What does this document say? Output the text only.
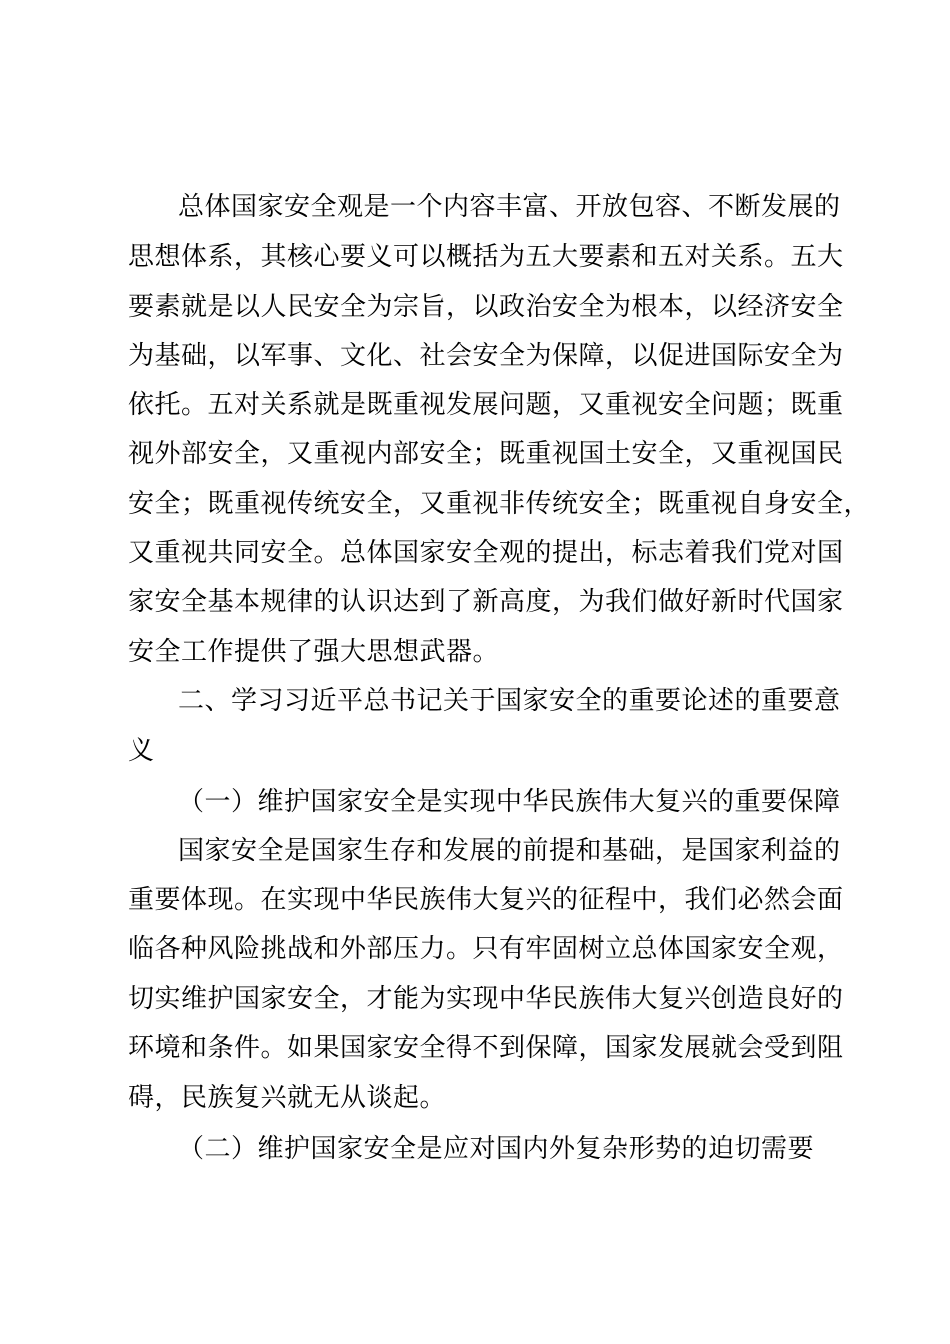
总体国家安全观是一个内容丰富、开放包容、不断发展的
思想体系，其核心要义可以概括为五大要素和五对关系。五大
要素就是以人民安全为宗旨，以政治安全为根本，以经济安全
为基础，以军事、文化、社会安全为保障，以促进国际安全为
依托。五对关系就是既重视发展问题，又重视安全问题；既重
视外部安全，又重视内部安全；既重视国土安全，又重视国民
安全；既重视传统安全，又重视非传统安全；既重视自身安全，
又重视共同安全。总体国家安全观的提出，标志着我们党对国
家安全基本规律的认识达到了新高度，为我们做好新时代国家
安全工作提供了强大思想武器。
二、学习习近平总书记关于国家安全的重要论述的重要意
义
（一）维护国家安全是实现中华民族伟大复兴的重要保障
国家安全是国家生存和发展的前提和基础，是国家利益的
重要体现。在实现中华民族伟大复兴的征程中，我们必然会面
临各种风险挑战和外部压力。只有牢固树立总体国家安全观，
切实维护国家安全，才能为实现中华民族伟大复兴创造良好的
环境和条件。如果国家安全得不到保障，国家发展就会受到阻
碍，民族复兴就无从谈起。
（二）维护国家安全是应对国内外复杂形势的迫切需要
